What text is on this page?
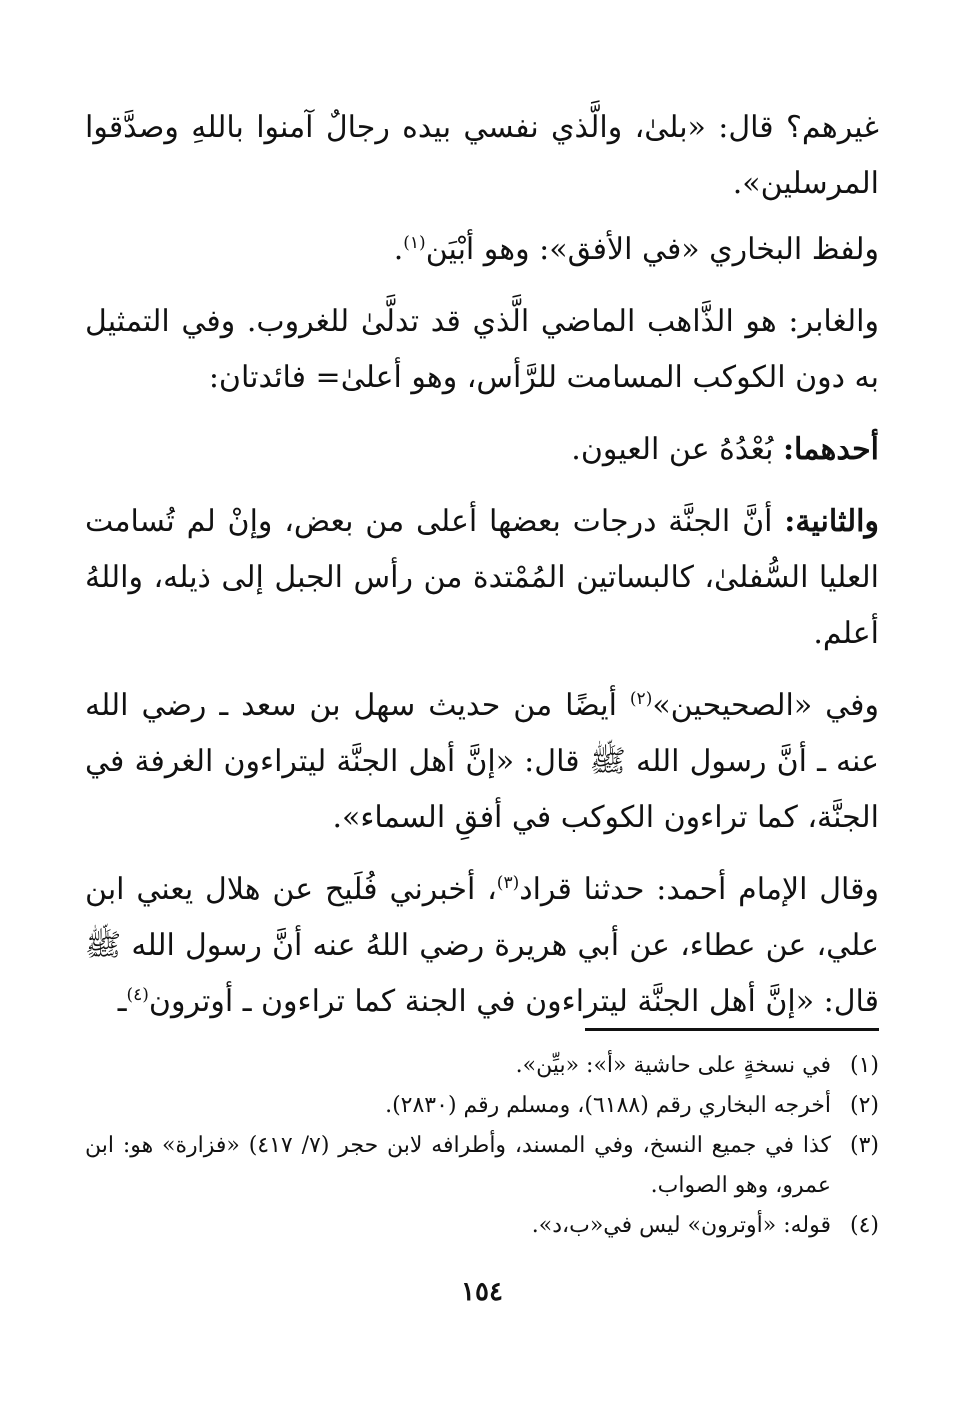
غيرهم؟ قال: «بلىٰ، والَّذي نفسي بيده رجالٌ آمنوا باللهِ وصدَّقوا المرسلين».

ولفظ البخاري «في الأفق»: وهو أبْيَن$^{(١)}$.

والغابر: هو الذَّاهب الماضي الَّذي قد تدلَّىٰ للغروب. وفي التمثيل به دون الكوكب المسامت للرَّأس، وهو أعلىٰ= فائدتان:

أحدهما: بُعْدُهُ عن العيون.

والثانية: أنَّ الجنَّة درجات بعضها أعلى من بعض، وإنْ لم تُسامت العليا السُّفلىٰ، كالبساتين المُمْتدة من رأس الجبل إلى ذيله، واللهُ أعلم.

وفي «الصحيحين»$^{(٢)}$ أيضًا من حديث سهل بن سعد ـ رضي الله عنه ـ أنَّ رسول الله ﷺ قال: «إنَّ أهل الجنَّة ليتراءون الغرفة في الجنَّة، كما تراءون الكوكب في أفقِ السماء».

وقال الإمام أحمد: حدثنا قراد$^{(٣)}$، أخبرني فُلَيح عن هلال يعني ابن علي، عن عطاء، عن أبي هريرة رضي اللهُ عنه أنَّ رسول الله ﷺ قال: «إنَّ أهل الجنَّة ليتراءون في الجنة كما تراءون ـ أوترون$^{(٤)}$ـ

(١)
في نسخةٍ على حاشية «أ»: «بيِّن».
(٢)
أخرجه البخاري رقم (٦١٨٨)، ومسلم رقم (٢٨٣٠).
(٣)
كذا في جميع النسخ، وفي المسند، وأطرافه لابن حجر (٧/ ٤١٧) «فزارة» هو: ابن عمرو، وهو الصواب.
(٤)
قوله: «أوترون» ليس في«ب،د».
١٥٤
